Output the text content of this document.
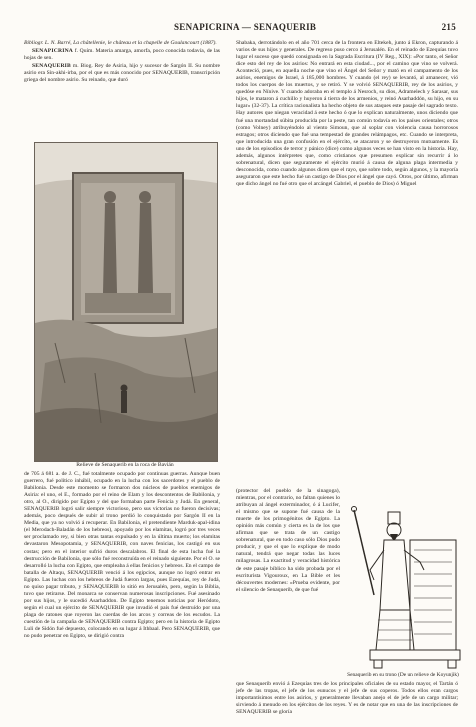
SENAPICRINA — SENAQUERIB	215

Bibliogr. L. N. Barré, La châtellenie, le château et la chapelle de Goulancourt (1887).

SENAPICRINA f. Quím. Materia amarga, amorfa, poco conocida todavía, de las hojas de sen.

SENAQUERIB m. Biog. Rey de Asiria, hijo y sucesor de Sargón II. Su nombre asirio era Sin-akhi-irba, por el que es más conocido por SENAQUERIB, transcripción griega del nombre asirio. Su reinado, que duró

Relieve de Senaquerib en la roca de Bavián

de 705 á 681 a. de J. C., fué totalmente ocupado por continuas guerras. Aunque buen guerrero, fué político inhábil, ocupado en la lucha con los sacerdotes y el pueblo de Babilonia. Desde este momento se formaron dos núcleos de pueblos enemigos de Asiria: el uno, el E., formado por el reino de Elam y los descontentos de Babilonia, y otro, al O., dirigido por Egipto y del que formaban parte Fenicia y Judá. En general, SENAQUERIB logró salir siempre victorioso, pero sus victorias no fueron decisivas; además, poco después de subir al trono perdió lo conquistado por Sargón II en la Media, que ya no volvió á recuperar. En Babilonia, el pretendiente Marduk-apal-idina (el Merodach-Baladán de los hebreos), apoyado por los elamitas, logró por tres veces ser proclamado rey, si bien otras tantas expulsado y en la última muerto; los elamitas devastaron Mesopotamia, y SENAQUERIB, con naves fenicias, los castigó en sus costas; pero en el interior sufrió duros descalabros. El final de esta lucha fué la destrucción de Babilonia, que sólo fué reconstruída en el reinado siguiente. Por el O. se desarrolló la lucha con Egipto, que empleaba á ellas fenicios y hebreos. En el campo de batalla de Altaqu, SENAQUERIB venció á los egipcios, aunque no logró entrar en Egipto. Las luchas con los hebreos de Judá fueron largas, pues Ezequías, rey de Judá, no quiso pagar tributo, y SENAQUERIB lo sitió en Jerusalén, pero, según la Biblia, tuvo que retirarse. Del monarca se conservan numerosas inscripciones. Fué asesinado por sus hijos, y le sucedió Asarhaddon. De Egipto tenemos noticias por Heródoto, según el cual un ejército de SENAQUERIB que invadió el país fué destruído por una plaga de ratones que royeron las cuerdas de los arcos y correas de los escudos. La cuestión de la campaña de SENAQUERIB contra Egipto; pero en la historia de Egipto Luli de Sidón fué depuesto, colocando en su lugar á Ithbaal. Pero SENAQUERIB, que no pudo penetrar en Egipto, se dirigió contra

Shabaka, derrotándolo en el año 701 cerca de la frontera en Eltekeh, junto á Ekron, capturando á varios de sus hijos y generales. De regreso puso cerco á Jerusalén. En el reinado de Ezequías tuvo lugar el suceso que quedó consignada en la Sagrada Escritura (IV Reg., XIX): «Por tanto, el Señor dice esto del rey de los asirios: No entrará en esta ciudad..., por el camino que vino se volverá. Aconteció, pues, en aquella noche que vino el Ángel del Señor y mató en el campamento de los asirios, enemigos de Israel, á 185,000 hombres. Y cuando (el rey) se levantó, al amanecer, vió todos los cuerpos de los muertos, y se retiró. Y se volvió SENAQUERIB, rey de los asirios, y quedóse en Nínive. Y cuando adoraba en el templo á Nesroch, su dios, Adramelech y Sarasar, sus hijos, le mataron á cuchillo y huyeron á tierra de los armenios, y reinó Asarhaddón, su hijo, en su lugar» (32-37). La crítica racionalista ha hecho objeto de sus ataques este pasaje del sagrado texto. Hay autores que niegan veracidad á este hecho ó que lo explican naturalmente, unos diciendo que fué una mortandad súbita producida por la peste, tan común todavía en los países orientales; otros (como Volney) atribuyéndolo al viento Simoun, que al soplar con violencia causa horrorosos estragos; otros diciendo que fué una tempestad de grandes relámpagos, etc. Cuando se interpreta, que introducida una gran confusión en el ejército, se atacaron y se destruyeron mutuamente. Es uno de los episodios de terror y pánico (dice) como algunos veces se han visto en la historia. Hay, además, algunos intérpretes que, como cristianos que presumen explicar sin recurrir á lo sobrenatural, dicen que seguramente el ejército murió á causa de alguna plaga intermedia y desconocida, como cuando algunos dicen que el rayo, que sobre todo, según algunos, y la mayoría aseguraron que este hecho fué un castigo de Dios por el ángel que cayó. Otros, por último, afirman que dicho ángel no fué otro que el arcángel Gabriel, el pueblo de Dios) ó Miguel

(protector del pueblo de la sinagoga), mientras, por el contrario, no faltan quienes lo atribuyan al ángel exterminador, ó á Lucifer, el mismo que se supone fué causa de la muerte de los primogénitos de Egipto. La opinión más común y cierta es la de los que afirman que se trata de un castigo sobrenatural, que en todo caso sólo Dios pudo producir, y que el que lo explique de modo natural, tendrá que negar todas las luces milagrosas. La exactitud y veracidad histórica de este pasaje bíblico ha sido probada por el escriturista Vigouroux, en La Bible et les découvertes modernes: «Prueba evidente, por el silencio de Senaquerib, de que fué

Senaquerib en su trono (De un relieve de Koyunjik)

que Senaquerib envió á Ezequías tres de los principales oficiales de su estado mayor, el Tartán ó jefe de las tropas, el jefe de los eunucos y el jefe de sus coperos. Todos ellos eran cargos importantísimos entre los asirios, y generalmente llevaban anejo el de jefe de un cargo militar; sirviendo á menudo en los ejércitos de los reyes. Y es de notar que en una de las inscripciones de SENAQUERIB se gloría
